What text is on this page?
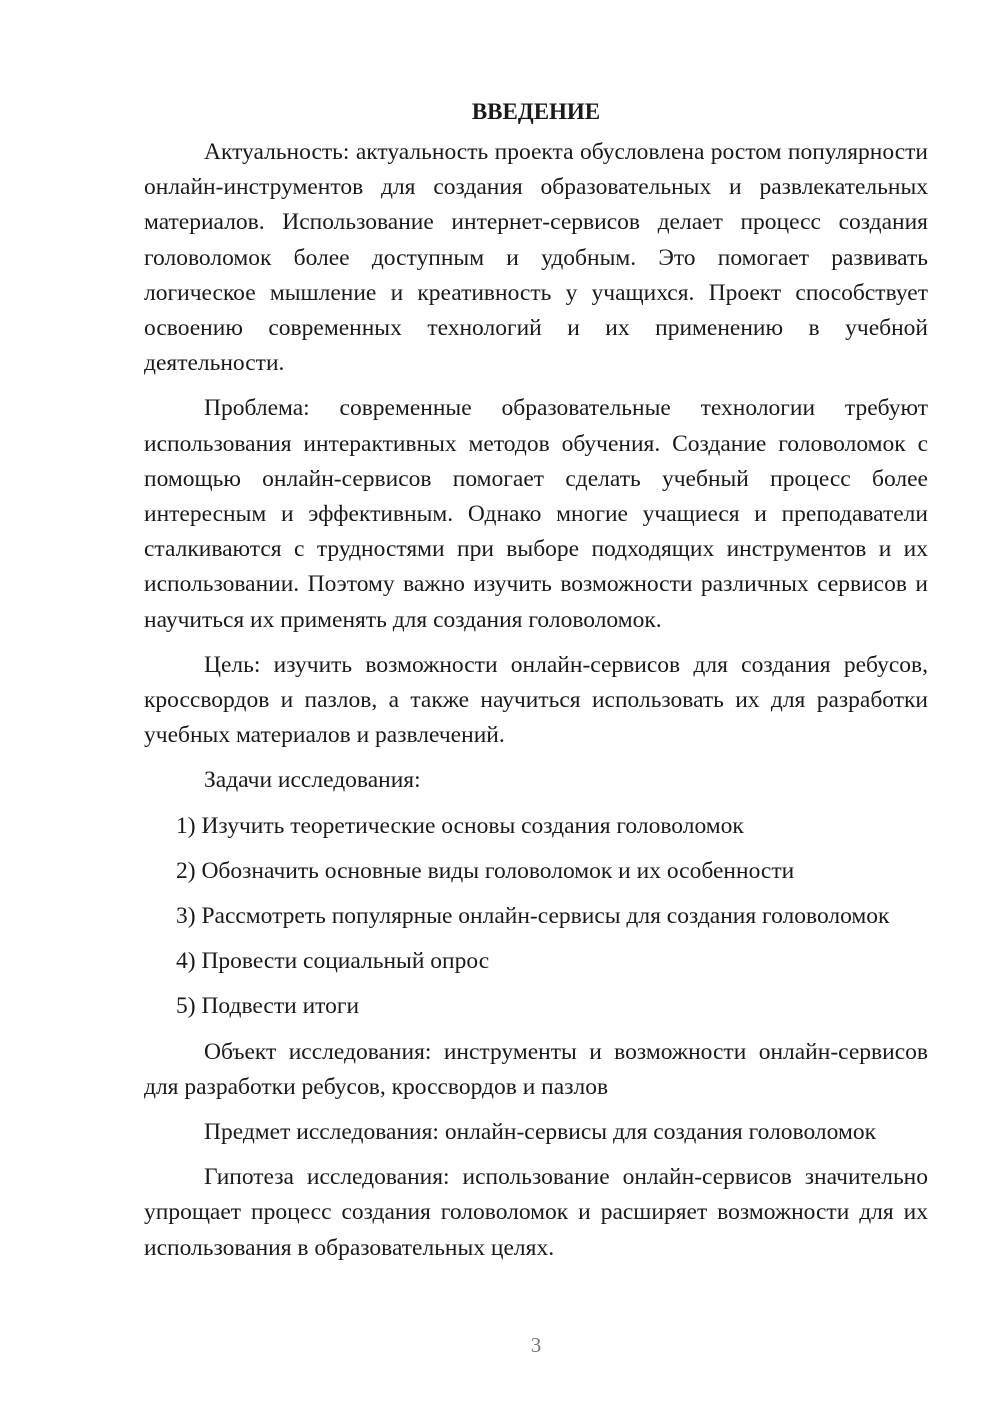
ВВЕДЕНИЕ

Актуальность: актуальность проекта обусловлена ростом популярности онлайн-инструментов для создания образовательных и развлекательных материалов. Использование интернет-сервисов делает процесс создания головоломок более доступным и удобным. Это помогает развивать логическое мышление и креативность у учащихся. Проект способствует освоению современных технологий и их применению в учебной деятельности.

Проблема: современные образовательные технологии требуют использования интерактивных методов обучения. Создание головоломок с помощью онлайн-сервисов помогает сделать учебный процесс более интересным и эффективным. Однако многие учащиеся и преподаватели сталкиваются с трудностями при выборе подходящих инструментов и их использовании. Поэтому важно изучить возможности различных сервисов и научиться их применять для создания головоломок.

Цель: изучить возможности онлайн-сервисов для создания ребусов, кроссвордов и пазлов, а также научиться использовать их для разработки учебных материалов и развлечений.

Задачи исследования:

1) Изучить теоретические основы создания головоломок

2) Обозначить основные виды головоломок и их особенности

3) Рассмотреть популярные онлайн-сервисы для создания головоломок

4) Провести социальный опрос

5) Подвести итоги

Объект исследования: инструменты и возможности онлайн-сервисов для разработки ребусов, кроссвордов и пазлов

Предмет исследования: онлайн-сервисы для создания головоломок

Гипотеза исследования: использование онлайн-сервисов значительно упрощает процесс создания головоломок и расширяет возможности для их использования в образовательных целях.

3
